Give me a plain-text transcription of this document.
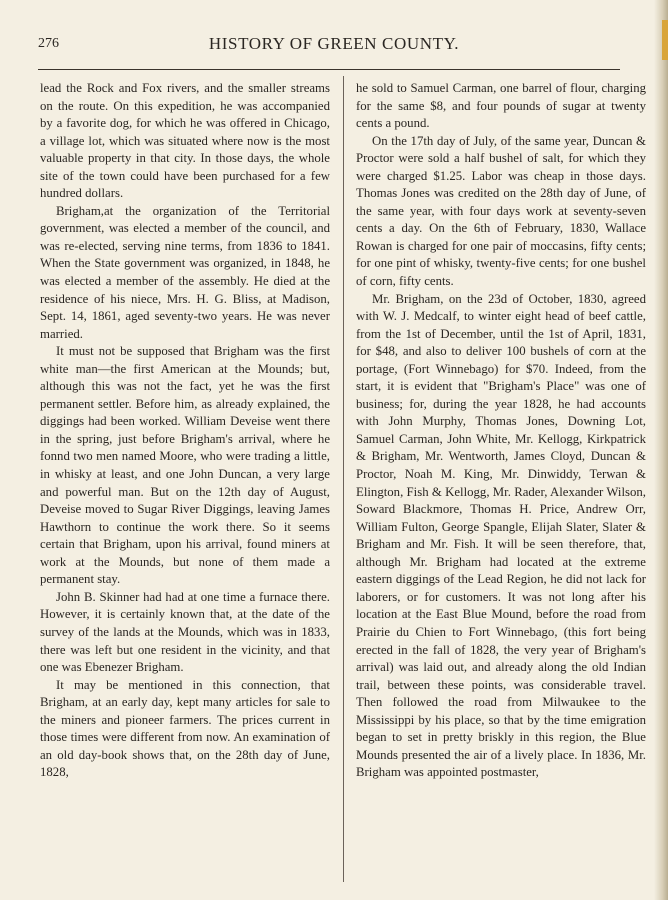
276	HISTORY OF GREEN COUNTY.

lead the Rock and Fox rivers, and the smaller streams on the route. On this expedition, he was accompanied by a favorite dog, for which he was offered in Chicago, a village lot, which was situated where now is the most valuable property in that city. In those days, the whole site of the town could have been purchased for a few hundred dollars.

Brigham,at the organization of the Territorial government, was elected a member of the council, and was re-elected, serving nine terms, from 1836 to 1841. When the State government was organized, in 1848, he was elected a member of the assembly. He died at the residence of his niece, Mrs. H. G. Bliss, at Madison, Sept. 14, 1861, aged seventy-two years. He was never married.

It must not be supposed that Brigham was the first white man—the first American at the Mounds; but, although this was not the fact, yet he was the first permanent settler. Before him, as already explained, the diggings had been worked. William Deveise went there in the spring, just before Brigham's arrival, where he fonnd two men named Moore, who were trading a little, in whisky at least, and one John Duncan, a very large and powerful man. But on the 12th day of August, Deveise moved to Sugar River Diggings, leaving James Hawthorn to continue the work there. So it seems certain that Brigham, upon his arrival, found miners at work at the Mounds, but none of them made a permanent stay.

John B. Skinner had had at one time a furnace there. However, it is certainly known that, at the date of the survey of the lands at the Mounds, which was in 1833, there was left but one resident in the vicinity, and that one was Ebenezer Brigham.

It may be mentioned in this connection, that Brigham, at an early day, kept many articles for sale to the miners and pioneer farmers. The prices current in those times were different from now. An examination of an old day-book shows that, on the 28th day of June, 1828,

he sold to Samuel Carman, one barrel of flour, charging for the same $8, and four pounds of sugar at twenty cents a pound.

On the 17th day of July, of the same year, Duncan & Proctor were sold a half bushel of salt, for which they were charged $1.25. Labor was cheap in those days. Thomas Jones was credited on the 28th day of June, of the same year, with four days work at seventy-seven cents a day. On the 6th of February, 1830, Wallace Rowan is charged for one pair of moccasins, fifty cents; for one pint of whisky, twenty-five cents; for one bushel of corn, fifty cents.

Mr. Brigham, on the 23d of October, 1830, agreed with W. J. Medcalf, to winter eight head of beef cattle, from the 1st of December, until the 1st of April, 1831, for $48, and also to deliver 100 bushels of corn at the portage, (Fort Winnebago) for $70. Indeed, from the start, it is evident that "Brigham's Place" was one of business; for, during the year 1828, he had accounts with John Murphy, Thomas Jones, Downing Lot, Samuel Carman, John White, Mr. Kellogg, Kirkpatrick & Brigham, Mr. Wentworth, James Cloyd, Duncan & Proctor, Noah M. King, Mr. Dinwiddy, Terwan & Elington, Fish & Kellogg, Mr. Rader, Alexander Wilson, Soward Blackmore, Thomas H. Price, Andrew Orr, William Fulton, George Spangle, Elijah Slater, Slater & Brigham and Mr. Fish. It will be seen therefore, that, although Mr. Brigham had located at the extreme eastern diggings of the Lead Region, he did not lack for laborers, or for customers. It was not long after his location at the East Blue Mound, before the road from Prairie du Chien to Fort Winnebago, (this fort being erected in the fall of 1828, the very year of Brigham's arrival) was laid out, and already along the old Indian trail, between these points, was considerable travel. Then followed the road from Milwaukee to the Mississippi by his place, so that by the time emigration began to set in pretty briskly in this region, the Blue Mounds presented the air of a lively place. In 1836, Mr. Brigham was appointed postmaster,
